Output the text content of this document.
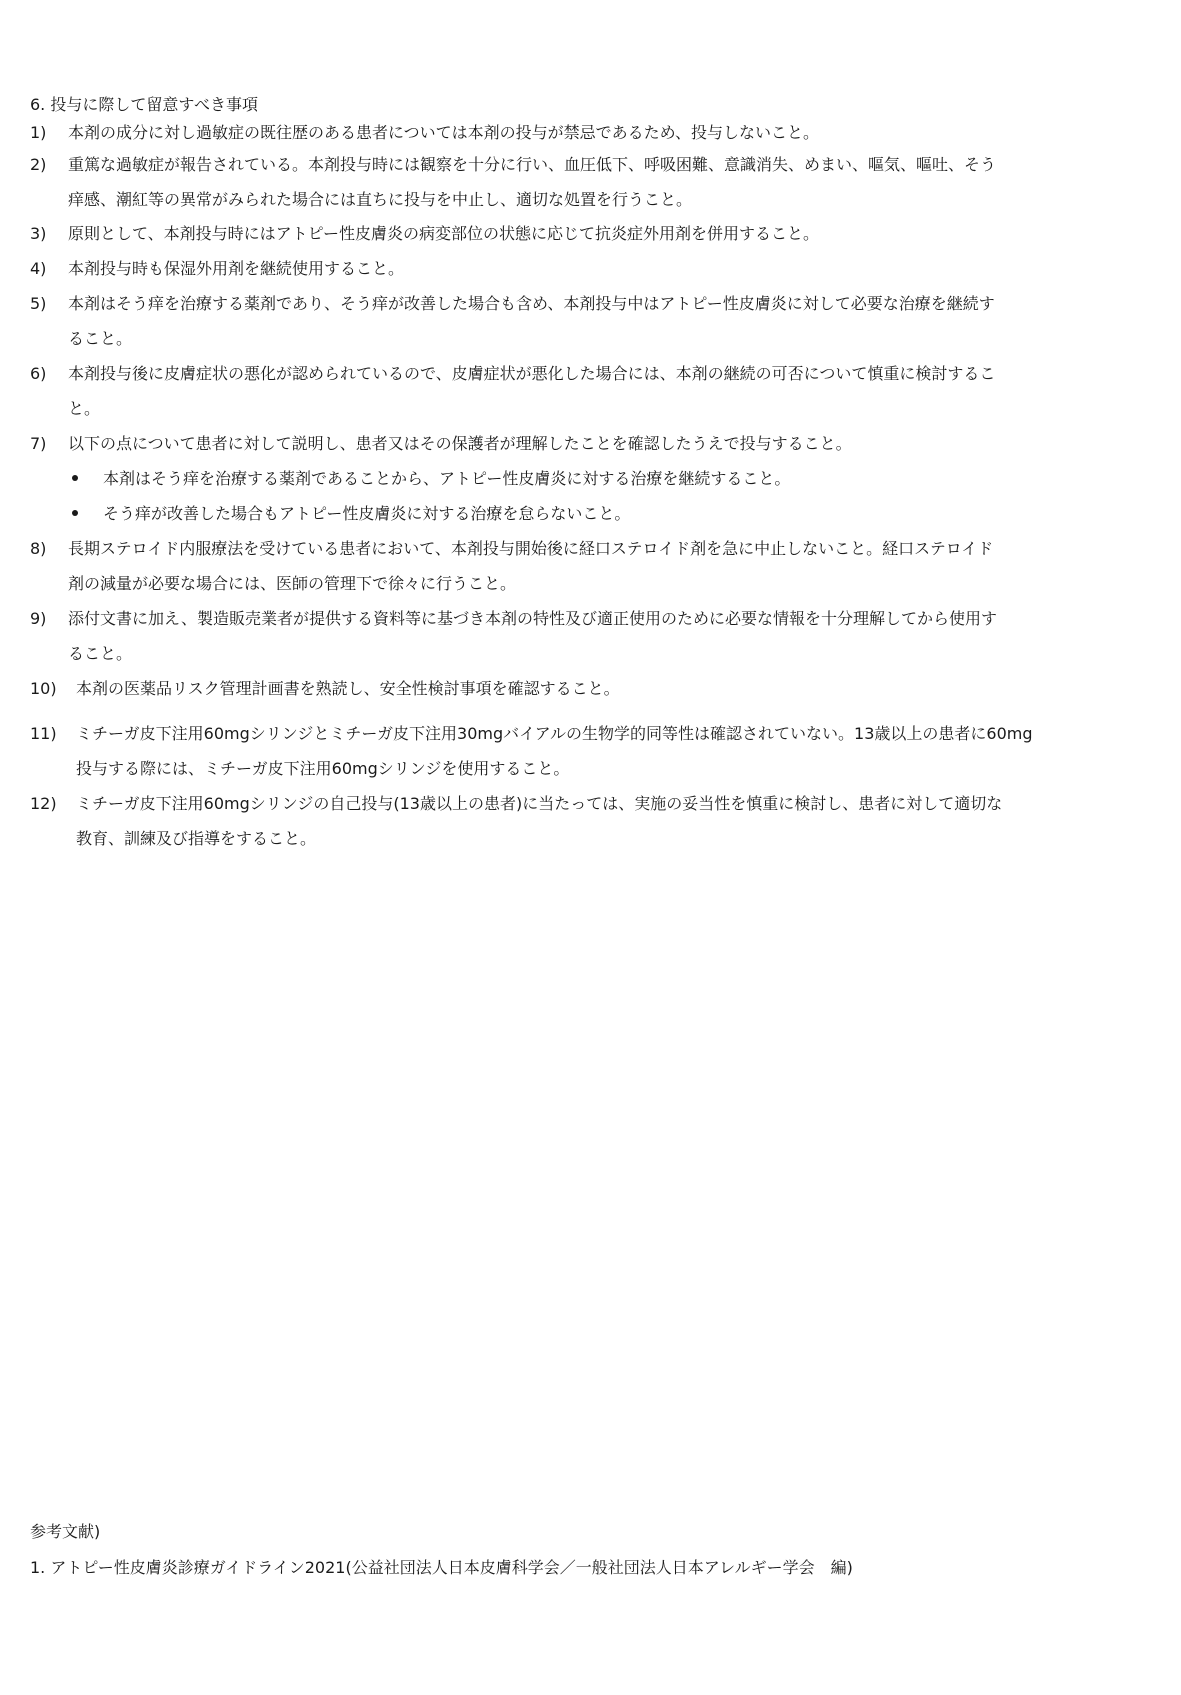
6. 投与に際して留意すべき事項
1) 本剤の成分に対し過敏症の既往歴のある患者については本剤の投与が禁忌であるため、投与しないこと。
2) 重篤な過敏症が報告されている。本剤投与時には観察を十分に行い、血圧低下、呼吸困難、意識消失、めまい、嘔気、嘔吐、そう
痒感、潮紅等の異常がみられた場合には直ちに投与を中止し、適切な処置を行うこと。
3) 原則として、本剤投与時にはアトピー性皮膚炎の病変部位の状態に応じて抗炎症外用剤を併用すること。
4) 本剤投与時も保湿外用剤を継続使用すること。
5) 本剤はそう痒を治療する薬剤であり、そう痒が改善した場合も含め、本剤投与中はアトピー性皮膚炎に対して必要な治療を継続す
ること。
6) 本剤投与後に皮膚症状の悪化が認められているので、皮膚症状が悪化した場合には、本剤の継続の可否について慎重に検討するこ
と。
7) 以下の点について患者に対して説明し、患者又はその保護者が理解したことを確認したうえで投与すること。
本剤はそう痒を治療する薬剤であることから、アトピー性皮膚炎に対する治療を継続すること。
そう痒が改善した場合もアトピー性皮膚炎に対する治療を怠らないこと。
8) 長期ステロイド内服療法を受けている患者において、本剤投与開始後に経口ステロイド剤を急に中止しないこと。経口ステロイド
剤の減量が必要な場合には、医師の管理下で徐々に行うこと。
9) 添付文書に加え、製造販売業者が提供する資料等に基づき本剤の特性及び適正使用のために必要な情報を十分理解してから使用す
ること。
10) 本剤の医薬品リスク管理計画書を熟読し、安全性検討事項を確認すること。
11) ミチーガ皮下注用60mgシリンジとミチーガ皮下注用30mgバイアルの生物学的同等性は確認されていない。13歳以上の患者に60mg
投与する際には、ミチーガ皮下注用60mgシリンジを使用すること。
12) ミチーガ皮下注用60mgシリンジの自己投与(13歳以上の患者)に当たっては、実施の妥当性を慎重に検討し、患者に対して適切な
教育、訓練及び指導をすること。
参考文献)
1. アトピー性皮膚炎診療ガイドライン2021(公益社団法人日本皮膚科学会／一般社団法人日本アレルギー学会　編)
